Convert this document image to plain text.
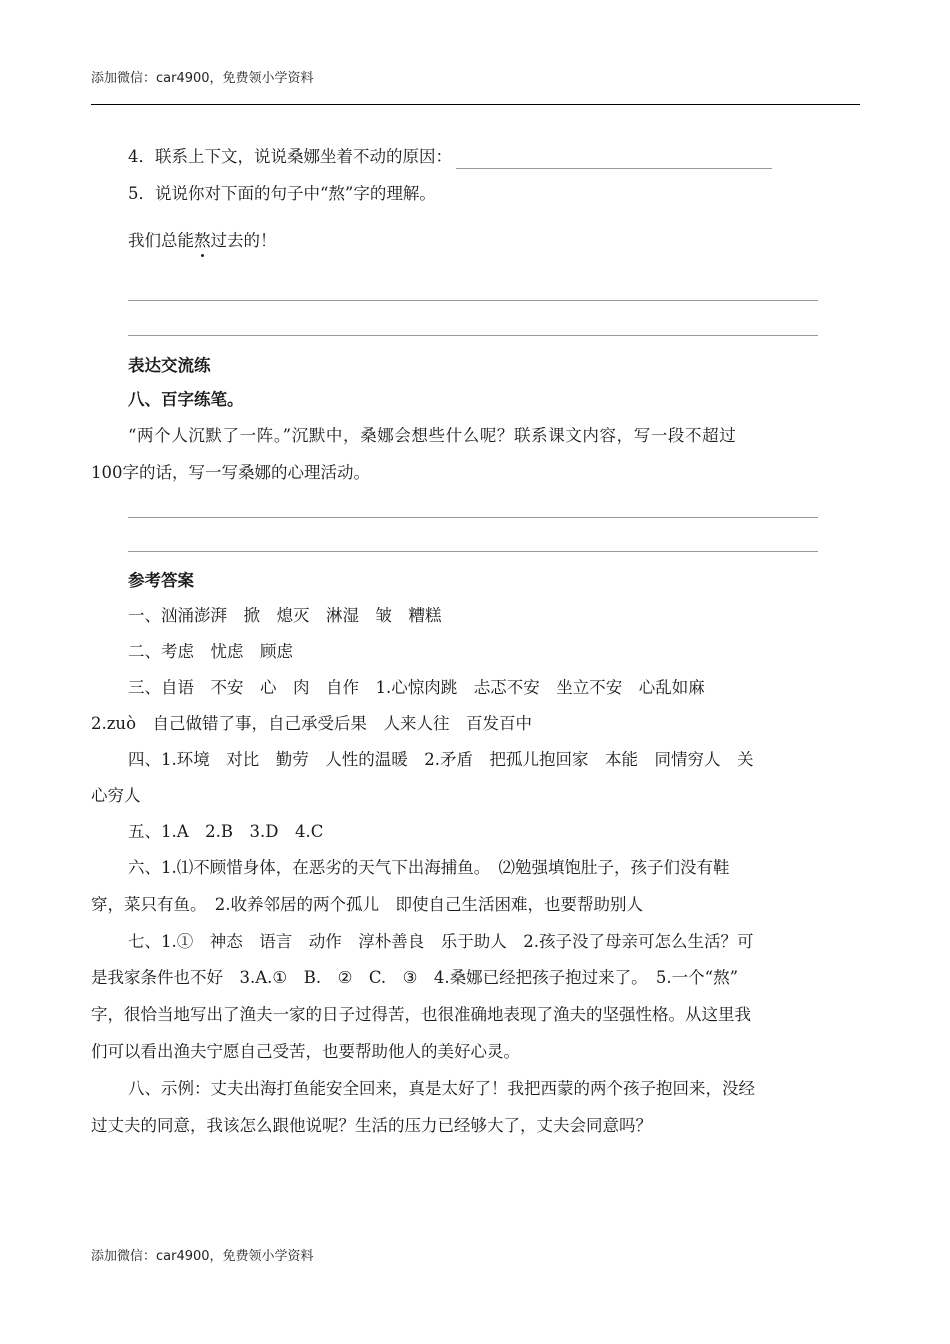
添加微信：car4900，免费领小学资料
4．联系上下文，说说桑娜坐着不动的原因：
5．说说你对下面的句子中“熬”字的理解。
我们总能熬过去的！
表达交流练
八、百字练笔。
“两个人沉默了一阵。”沉默中，桑娜会想些什么呢？联系课文内容，写一段不超过
100字的话，写一写桑娜的心理活动。
参考答案
一、汹涌澎湃　掀　熄灭　淋湿　皱　糟糕
二、考虑　忧虑　顾虑
三、自语　不安　心　肉　自作　1.心惊肉跳　忐忑不安　坐立不安　心乱如麻
2.zuò　自己做错了事，自己承受后果　人来人往　百发百中
四、1.环境　对比　勤劳　人性的温暖　2.矛盾　把孤儿抱回家　本能　同情穷人　关
心穷人
五、1.A　2.B　3.D　4.C
六、1.⑴不顾惜身体，在恶劣的天气下出海捕鱼。　⑵勉强填饱肚子，孩子们没有鞋
穿，菜只有鱼。　2.收养邻居的两个孤儿　即使自己生活困难，也要帮助别人
七、1.①　神态　语言　动作　淳朴善良　乐于助人　2.孩子没了母亲可怎么生活？可
是我家条件也不好　3.A.①　B.　②　C.　③　4.桑娜已经把孩子抱过来了。　5.一个“熬”
字，很恰当地写出了渔夫一家的日子过得苦，也很准确地表现了渔夫的坚强性格。从这里我
们可以看出渔夫宁愿自己受苦，也要帮助他人的美好心灵。
八、示例：丈夫出海打鱼能安全回来，真是太好了！我把西蒙的两个孩子抱回来，没经
过丈夫的同意，我该怎么跟他说呢？生活的压力已经够大了，丈夫会同意吗？
添加微信：car4900，免费领小学资料
